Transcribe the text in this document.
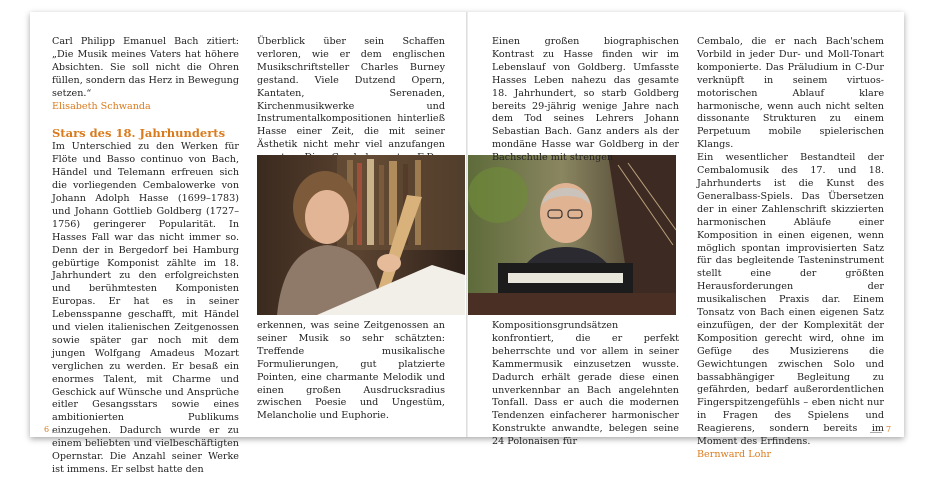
Carl Philipp Emanuel Bach zitiert: „Die Musik meines Vaters hat höhere Absichten. Sie soll nicht die Ohren füllen, sondern das Herz in Bewegung setzen.“

Elisabeth Schwanda

Stars des 18. Jahrhunderts

Im Unterschied zu den Werken für Flöte und Basso continuo von Bach, Händel und Telemann erfreuen sich die vorliegenden Cembalowerke von Johann Adolph Hasse (1699–1783) und Johann Gottlieb Goldberg (1727–1756) geringerer Popularität. In Hasses Fall war das nicht immer so. Denn der in Bergedorf bei Hamburg gebürtige Komponist zählte im 18. Jahrhundert zu den erfolgreichsten und berühmtesten Komponisten Europas. Er hat es in seiner Lebensspanne geschafft, mit Händel und vielen italienischen Zeitgenossen sowie später gar noch mit dem jungen Wolfgang Amadeus Mozart verglichen zu werden. Er besaß ein enormes Talent, mit Charme und Geschick auf Wünsche und Ansprüche eitler Gesangsstars sowie eines ambitionierten Publikums einzugehen. Dadurch wurde er zu einem beliebten und vielbeschäftigten Opernstar. Die Anzahl seiner Werke ist immens. Er selbst hatte den

Überblick über sein Schaffen verloren, wie er dem englischen Musikschriftsteller Charles Burney gestand. Viele Dutzend Opern, Kantaten, Serenaden, Kirchenmusikwerke und Instrumentalkompositionen hinterließ Hasse einer Zeit, die mit seiner Ästhetik nicht mehr viel anzufangen

erkennen, was seine Zeitgenossen an seiner Musik so sehr schätzten: Treffende musikalische Formulierungen, gut platzierte Pointen, eine charmante Melodik und einen großen Ausdrucksradius zwischen Poesie und Ungestüm, Melancholie und Euphorie.

Einen großen biographischen Kontrast zu Hasse finden wir im Lebenslauf von Goldberg. Umfasste Hasses Leben nahezu das gesamte 18. Jahrhundert, so starb Goldberg bereits 29-jährig wenige Jahre nach dem Tod seines Lehrers Johann Sebastian Bach. Ganz anders als der mondäne Hasse war Goldberg in der Bachschule mit strengen

Kompositionsgrundsätzen konfrontiert, die er perfekt beherrschte und vor allem in seiner Kammermusik einzusetzen wusste. Dadurch erhält gerade diese einen unverkennbar an Bach angelehnten Tonfall. Dass er auch die modernen Tendenzen einfacherer harmonischer Konstrukte anwandte, belegen seine 24 Polonaisen für

Cembalo, die er nach Bach'schem Vorbild in jeder Dur- und Moll-Tonart komponierte. Das Präludium in C-Dur verknüpft in seinem virtuos-motorischen Ablauf klare harmonische, wenn auch nicht selten dissonante Strukturen zu einem Perpetuum mobile spielerischen Klangs.

Ein wesentlicher Bestandteil der Cembalomusik des 17. und 18. Jahrhunderts ist die Kunst des Generalbass-Spiels. Das Übersetzen der in einer Zahlenschrift skizzierten harmonischen Abläufe einer Komposition in einen eigenen, wenn möglich spontan improvisierten Satz für das begleitende Tasteninstrument stellt eine der größten Herausforderungen der musikalischen Praxis dar. Einem Tonsatz von Bach einen eigenen Satz einzufügen, der der Komplexität der Komposition gerecht wird, ohne im Gefüge des Musizierens die Gewichtungen zwischen Solo und bassabhängiger Begleitung zu gefährden, bedarf außerordentlichen Fingerspitzengefühls – eben nicht nur in Fragen des Spielens und Reagierens, sondern bereits im Moment des Erfindens.

Bernward Lohr

6	7
